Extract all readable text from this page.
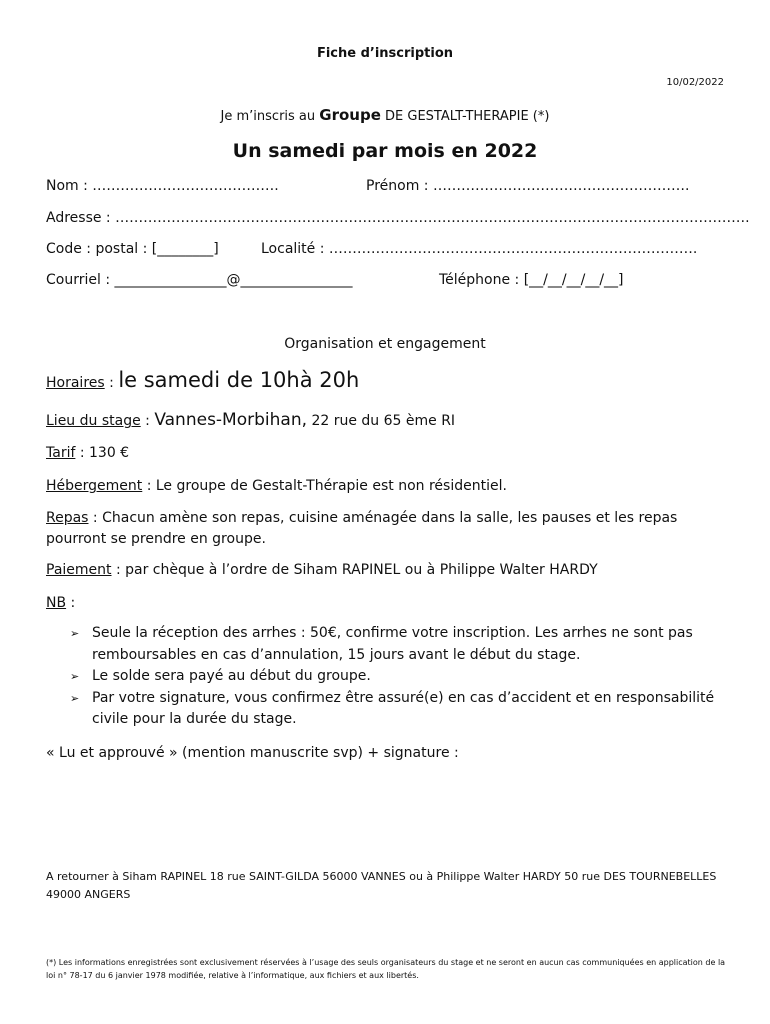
Fiche d’inscription
10/02/2022
Je m’inscris au Groupe DE GESTALT-THERAPIE (*)
Un samedi par mois en 2022
Nom : ………………………………….	Prénom : ……………………………………………….
Adresse : ……………………………………………………………………………………………………………………….
Code : postal : [________]	Localité : …………………………………………………………………….
Courriel : ________________@________________	Téléphone : [__/__/__/__/__]
Organisation et engagement
Horaires : le samedi de 10hà 20h
Lieu du stage : Vannes-Morbihan, 22 rue du 65 ème RI
Tarif : 130 €
Hébergement : Le groupe de Gestalt-Thérapie est non résidentiel.
Repas : Chacun amène son repas, cuisine aménagée dans la salle, les pauses et les repas pourront se prendre en groupe.
Paiement : par chèque à l’ordre de Siham RAPINEL ou à Philippe Walter HARDY
NB :
➢ Seule la réception des arrhes : 50€, confirme votre inscription. Les arrhes ne sont pas remboursables en cas d’annulation, 15 jours avant le début du stage.
➢ Le solde sera payé au début du groupe.
➢ Par votre signature, vous confirmez être assuré(e) en cas d’accident et en responsabilité civile pour la durée du stage.
« Lu et approuvé » (mention manuscrite svp) + signature :
A retourner à Siham RAPINEL 18 rue SAINT-GILDA 56000 VANNES ou à Philippe Walter HARDY 50 rue DES TOURNEBELLES 49000 ANGERS
(*) Les informations enregistrées sont exclusivement réservées à l’usage des seuls organisateurs du stage et ne seront en aucun cas communiquées en application de la loi n° 78-17 du 6 janvier 1978 modifiée, relative à l’informatique, aux fichiers et aux libertés.
